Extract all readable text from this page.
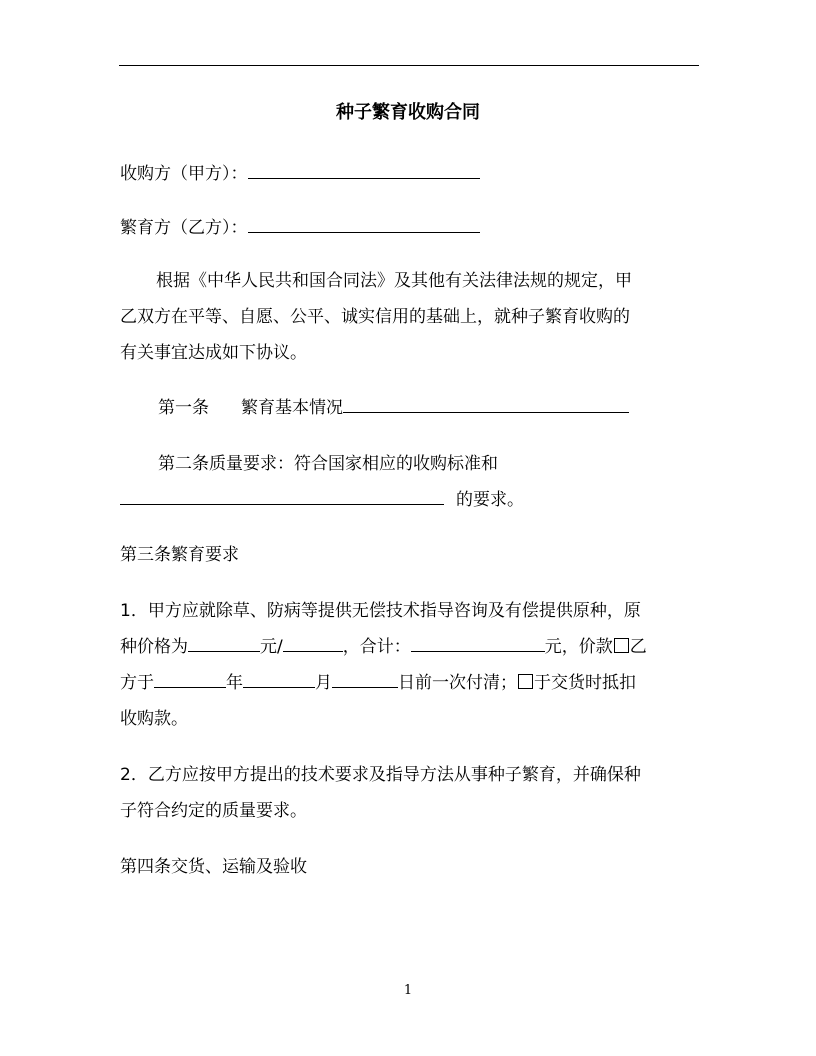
种子繁育收购合同
收购方（甲方）：
繁育方（乙方）：
根据《中华人民共和国合同法》及其他有关法律法规的规定，甲
乙双方在平等、自愿、公平、诚实信用的基础上，就种子繁育收购的
有关事宜达成如下协议。
第一条 繁育基本情况
第二条质量要求：符合国家相应的收购标准和
的要求。
第三条繁育要求
1．甲方应就除草、防病等提供无偿技术指导咨询及有偿提供原种，原
种价格为	元/	，合计：	元，价款 乙
方于	年	月	日前一次付清； 于交货时抵扣
收购款。
2．乙方应按甲方提出的技术要求及指导方法从事种子繁育，并确保种
子符合约定的质量要求。
第四条交货、运输及验收
1
